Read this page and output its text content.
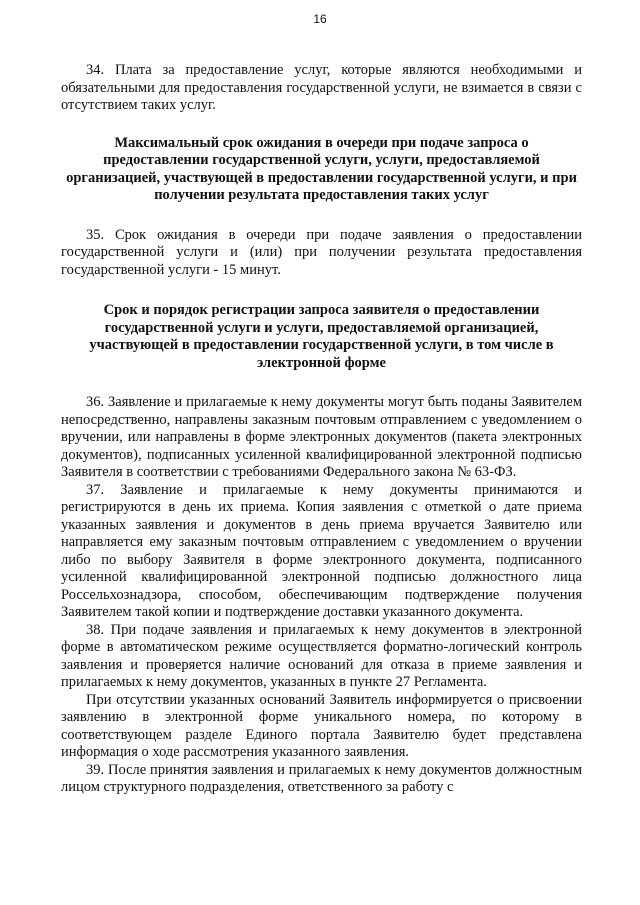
16

34. Плата за предоставление услуг, которые являются необходимыми и обязательными для предоставления государственной услуги, не взимается в связи с отсутствием таких услуг.

Максимальный срок ожидания в очереди при подаче запроса о предоставлении государственной услуги, услуги, предоставляемой организацией, участвующей в предоставлении государственной услуги, и при получении результата предоставления таких услуг

35. Срок ожидания в очереди при подаче заявления о предоставлении государственной услуги и (или) при получении результата предоставления государственной услуги - 15 минут.

Срок и порядок регистрации запроса заявителя о предоставлении государственной услуги и услуги, предоставляемой организацией, участвующей в предоставлении государственной услуги, в том числе в электронной форме

36. Заявление и прилагаемые к нему документы могут быть поданы Заявителем непосредственно, направлены заказным почтовым отправлением с уведомлением о вручении, или направлены в форме электронных документов (пакета электронных документов), подписанных усиленной квалифицированной электронной подписью Заявителя в соответствии с требованиями Федерального закона № 63-ФЗ.

37. Заявление и прилагаемые к нему документы принимаются и регистрируются в день их приема. Копия заявления с отметкой о дате приема указанных заявления и документов в день приема вручается Заявителю или направляется ему заказным почтовым отправлением с уведомлением о вручении либо по выбору Заявителя в форме электронного документа, подписанного усиленной квалифицированной электронной подписью должностного лица Россельхознадзора, способом, обеспечивающим подтверждение получения Заявителем такой копии и подтверждение доставки указанного документа.

38. При подаче заявления и прилагаемых к нему документов в электронной форме в автоматическом режиме осуществляется форматно-логический контроль заявления и проверяется наличие оснований для отказа в приеме заявления и прилагаемых к нему документов, указанных в пункте 27 Регламента.

При отсутствии указанных оснований Заявитель информируется о присвоении заявлению в электронной форме уникального номера, по которому в соответствующем разделе Единого портала Заявителю будет представлена информация о ходе рассмотрения указанного заявления.

39. После принятия заявления и прилагаемых к нему документов должностным лицом структурного подразделения, ответственного за работу с
